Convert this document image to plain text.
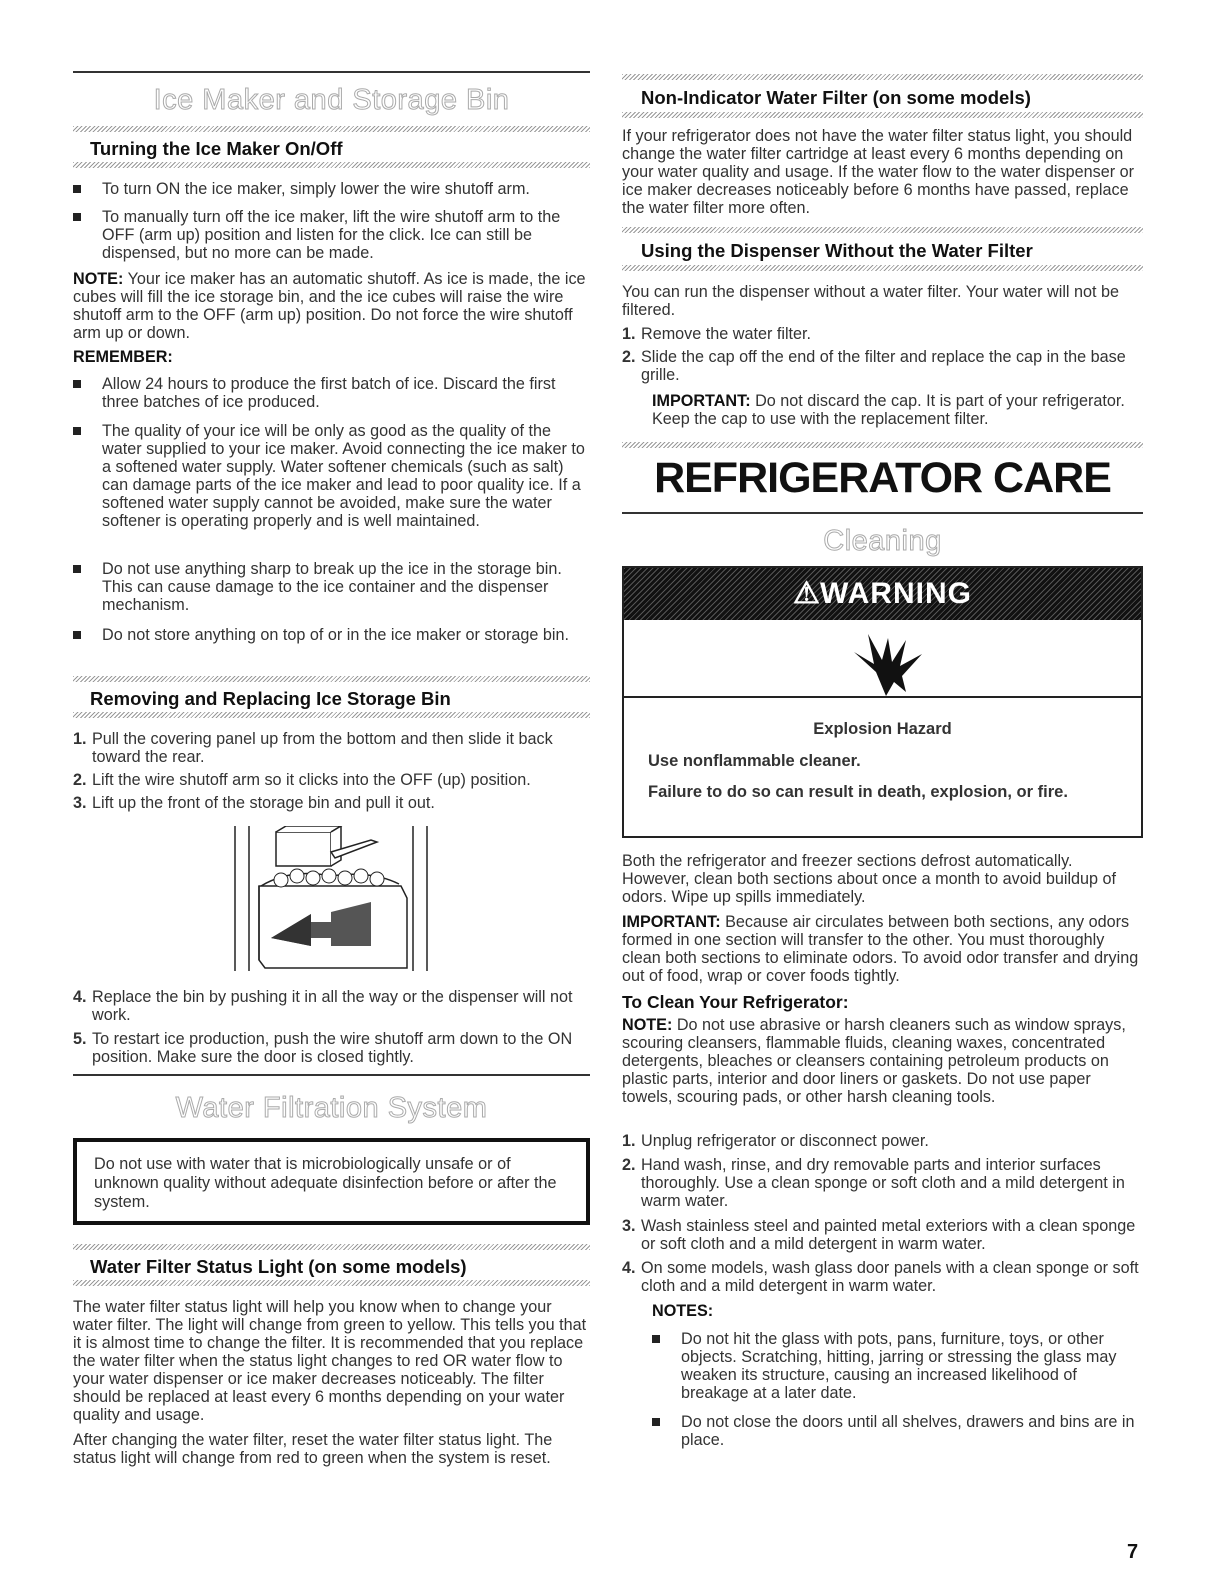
Ice Maker and Storage Bin
Turning the Ice Maker On/Off
To turn ON the ice maker, simply lower the wire shutoff arm.
To manually turn off the ice maker, lift the wire shutoff arm to the OFF (arm up) position and listen for the click. Ice can still be dispensed, but no more can be made.
NOTE: Your ice maker has an automatic shutoff. As ice is made, the ice cubes will fill the ice storage bin, and the ice cubes will raise the wire shutoff arm to the OFF (arm up) position. Do not force the wire shutoff arm up or down.
REMEMBER:
Allow 24 hours to produce the first batch of ice. Discard the first three batches of ice produced.
The quality of your ice will be only as good as the quality of the water supplied to your ice maker. Avoid connecting the ice maker to a softened water supply. Water softener chemicals (such as salt) can damage parts of the ice maker and lead to poor quality ice. If a softened water supply cannot be avoided, make sure the water softener is operating properly and is well maintained.
Do not use anything sharp to break up the ice in the storage bin. This can cause damage to the ice container and the dispenser mechanism.
Do not store anything on top of or in the ice maker or storage bin.
Removing and Replacing Ice Storage Bin
1. Pull the covering panel up from the bottom and then slide it back toward the rear.
2. Lift the wire shutoff arm so it clicks into the OFF (up) position.
3. Lift up the front of the storage bin and pull it out.
4. Replace the bin by pushing it in all the way or the dispenser will not work.
5. To restart ice production, push the wire shutoff arm down to the ON position. Make sure the door is closed tightly.
Water Filtration System
Do not use with water that is microbiologically unsafe or of unknown quality without adequate disinfection before or after the system.
Water Filter Status Light (on some models)
The water filter status light will help you know when to change your water filter. The light will change from green to yellow. This tells you that it is almost time to change the filter. It is recommended that you replace the water filter when the status light changes to red OR water flow to your water dispenser or ice maker decreases noticeably. The filter should be replaced at least every 6 months depending on your water quality and usage.
After changing the water filter, reset the water filter status light. The status light will change from red to green when the system is reset.
Non-Indicator Water Filter (on some models)
If your refrigerator does not have the water filter status light, you should change the water filter cartridge at least every 6 months depending on your water quality and usage. If the water flow to the water dispenser or ice maker decreases noticeably before 6 months have passed, replace the water filter more often.
Using the Dispenser Without the Water Filter
You can run the dispenser without a water filter. Your water will not be filtered.
1. Remove the water filter.
2. Slide the cap off the end of the filter and replace the cap in the base grille.
IMPORTANT: Do not discard the cap. It is part of your refrigerator. Keep the cap to use with the replacement filter.
REFRIGERATOR CARE
Cleaning
⚠WARNING
Explosion Hazard
Use nonflammable cleaner.
Failure to do so can result in death, explosion, or fire.
Both the refrigerator and freezer sections defrost automatically. However, clean both sections about once a month to avoid buildup of odors. Wipe up spills immediately.
IMPORTANT: Because air circulates between both sections, any odors formed in one section will transfer to the other. You must thoroughly clean both sections to eliminate odors. To avoid odor transfer and drying out of food, wrap or cover foods tightly.
To Clean Your Refrigerator:
NOTE: Do not use abrasive or harsh cleaners such as window sprays, scouring cleansers, flammable fluids, cleaning waxes, concentrated detergents, bleaches or cleansers containing petroleum products on plastic parts, interior and door liners or gaskets. Do not use paper towels, scouring pads, or other harsh cleaning tools.
1. Unplug refrigerator or disconnect power.
2. Hand wash, rinse, and dry removable parts and interior surfaces thoroughly. Use a clean sponge or soft cloth and a mild detergent in warm water.
3. Wash stainless steel and painted metal exteriors with a clean sponge or soft cloth and a mild detergent in warm water.
4. On some models, wash glass door panels with a clean sponge or soft cloth and a mild detergent in warm water.
NOTES:
Do not hit the glass with pots, pans, furniture, toys, or other objects. Scratching, hitting, jarring or stressing the glass may weaken its structure, causing an increased likelihood of breakage at a later date.
Do not close the doors until all shelves, drawers and bins are in place.
7
